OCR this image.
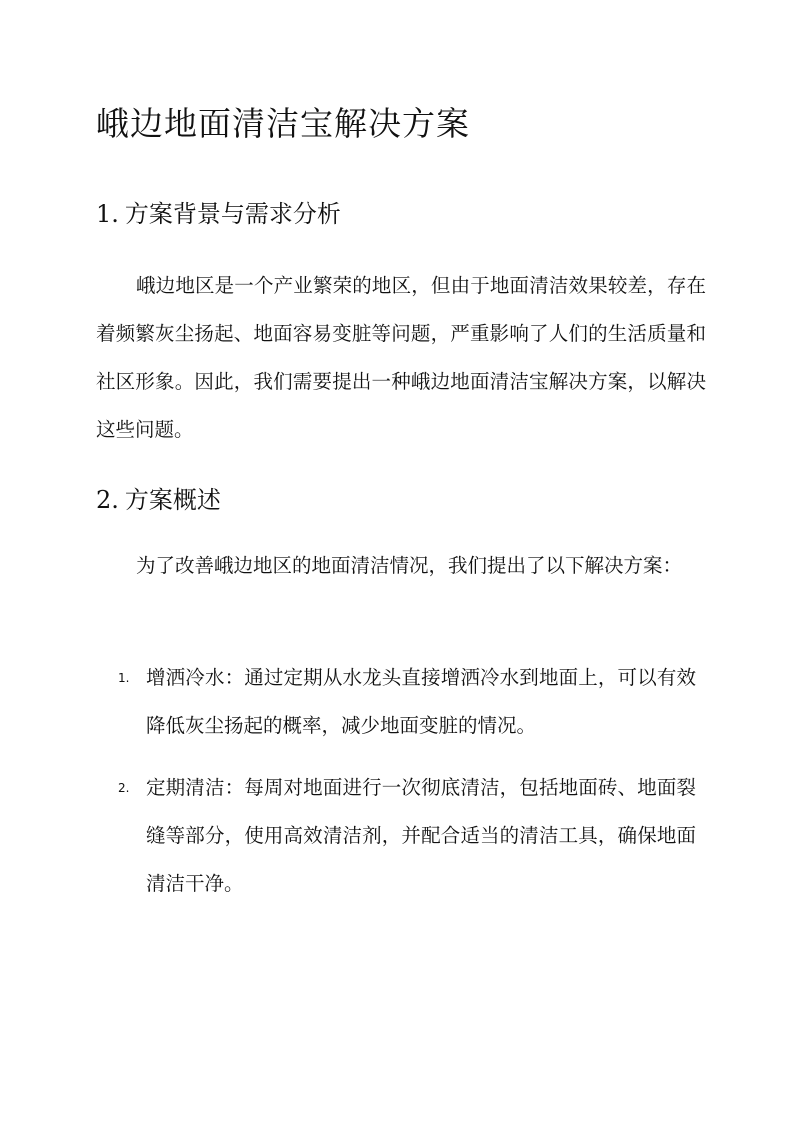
峨边地面清洁宝解决方案
1. 方案背景与需求分析

峨边地区是一个产业繁荣的地区，但由于地面清洁效果较差，存在着频繁灰尘扬起、地面容易变脏等问题，严重影响了人们的生活质量和社区形象。因此，我们需要提出一种峨边地面清洁宝解决方案，以解决这些问题。

2. 方案概述

为了改善峨边地区的地面清洁情况，我们提出了以下解决方案：

1. 增洒冷水：通过定期从水龙头直接增洒冷水到地面上，可以有效降低灰尘扬起的概率，减少地面变脏的情况。

2. 定期清洁：每周对地面进行一次彻底清洁，包括地面砖、地面裂缝等部分，使用高效清洁剂，并配合适当的清洁工具，确保地面清洁干净。
